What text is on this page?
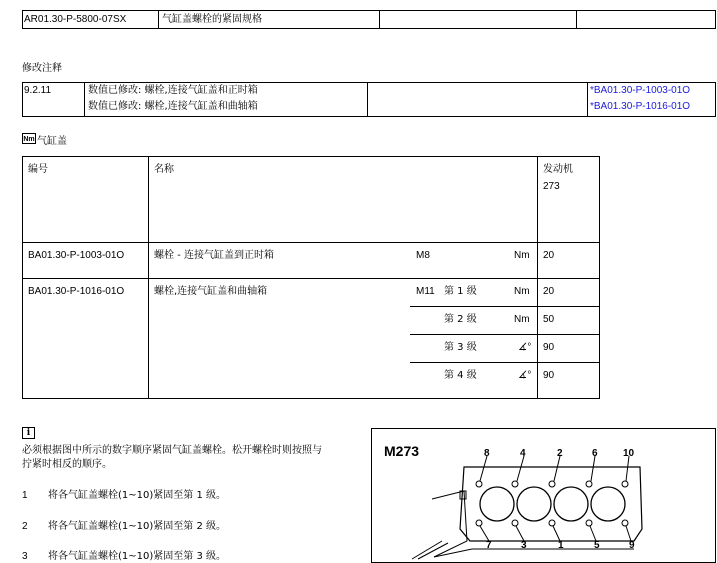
AR01.30-P-5800-07SX	气缸盖螺栓的紧固规格
修改注释
9.2.11	数值已修改: 螺栓,连接气缸盖和正时箱
数值已修改: 螺栓,连接气缸盖和曲轴箱
*BA01.30-P-1003-01O
*BA01.30-P-1016-01O
Nm 气缸盖
编号	名称	发动机
273
BA01.30-P-1003-01O	螺栓 - 连接气缸盖到正时箱	M8	Nm 20
BA01.30-P-1016-01O	螺栓,连接气缸盖和曲轴箱	M11 第 1 级	Nm 20
第 2 级	Nm 50
第 3 级	∡° 90
第 4 级	∡° 90
i
必须根据图中所示的数字顺序紧固气缸盖螺栓。松开螺栓时则按照与
拧紧时相反的顺序。
1 将各气缸盖螺栓(1~10)紧固至第 1 级。
2 将各气缸盖螺栓(1~10)紧固至第 2 级。
3 将各气缸盖螺栓(1~10)紧固至第 3 级。
M273	8	4	2	6	10
7	3	1	5	9
